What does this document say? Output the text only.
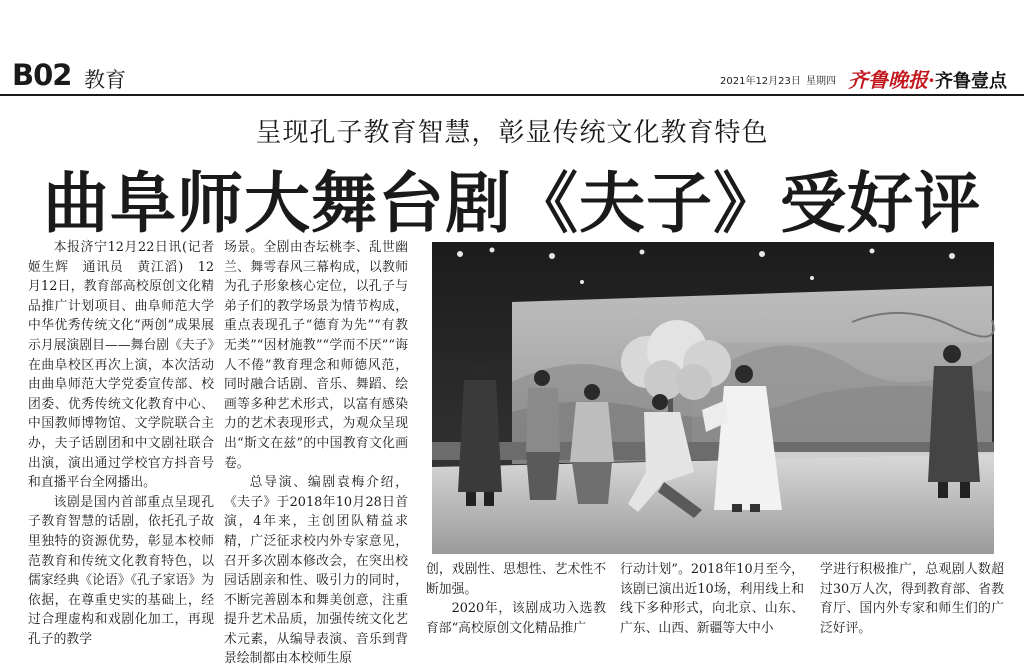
B02 教育	2021年12月23日 星期四 齐鲁晚报·齐鲁壹点
呈现孔子教育智慧，彰显传统文化教育特色
曲阜师大舞台剧《夫子》受好评

本报济宁12月22日讯(记者　姬生辉　通讯员　黄江滔)　12月12日，教育部高校原创文化精品推广计划项目、曲阜师范大学中华优秀传统文化“两创”成果展示月展演剧目——舞台剧《夫子》在曲阜校区再次上演，本次活动由曲阜师范大学党委宣传部、校团委、优秀传统文化教育中心、中国教师博物馆、文学院联合主办，夫子话剧团和中文剧社联合出演，演出通过学校官方抖音号和直播平台全网播出。

该剧是国内首部重点呈现孔子教育智慧的话剧，依托孔子故里独特的资源优势，彰显本校师范教育和传统文化教育特色，以儒家经典《论语》《孔子家语》为依据，在尊重史实的基础上，经过合理虚构和戏剧化加工，再现孔子的教学

场景。全剧由杏坛桃李、乱世幽兰、舞雩春风三幕构成，以教师为孔子形象核心定位，以孔子与弟子们的教学场景为情节构成，重点表现孔子“德育为先”“有教无类”“因材施教”“学而不厌”“诲人不倦”教育理念和师德风范，同时融合话剧、音乐、舞蹈、绘画等多种艺术形式，以富有感染力的艺术表现形式，为观众呈现出“斯文在兹”的中国教育文化画卷。

总导演、编剧袁梅介绍，《夫子》于2018年10月28日首演，4年来，主创团队精益求精，广泛征求校内外专家意见，召开多次剧本修改会，在突出校园话剧亲和性、吸引力的同时，不断完善剧本和舞美创意，注重提升艺术品质，加强传统文化艺术元素，从编导表演、音乐到背景绘制都由本校师生原

创，戏剧性、思想性、艺术性不断加强。

2020年，该剧成功入选教育部“高校原创文化精品推广

行动计划”。2018年10月至今，该剧已演出近10场，利用线上和线下多种形式，向北京、山东、广东、山西、新疆等大中小

学进行积极推广，总观剧人数超过30万人次，得到教育部、省教育厅、国内外专家和师生们的广泛好评。
